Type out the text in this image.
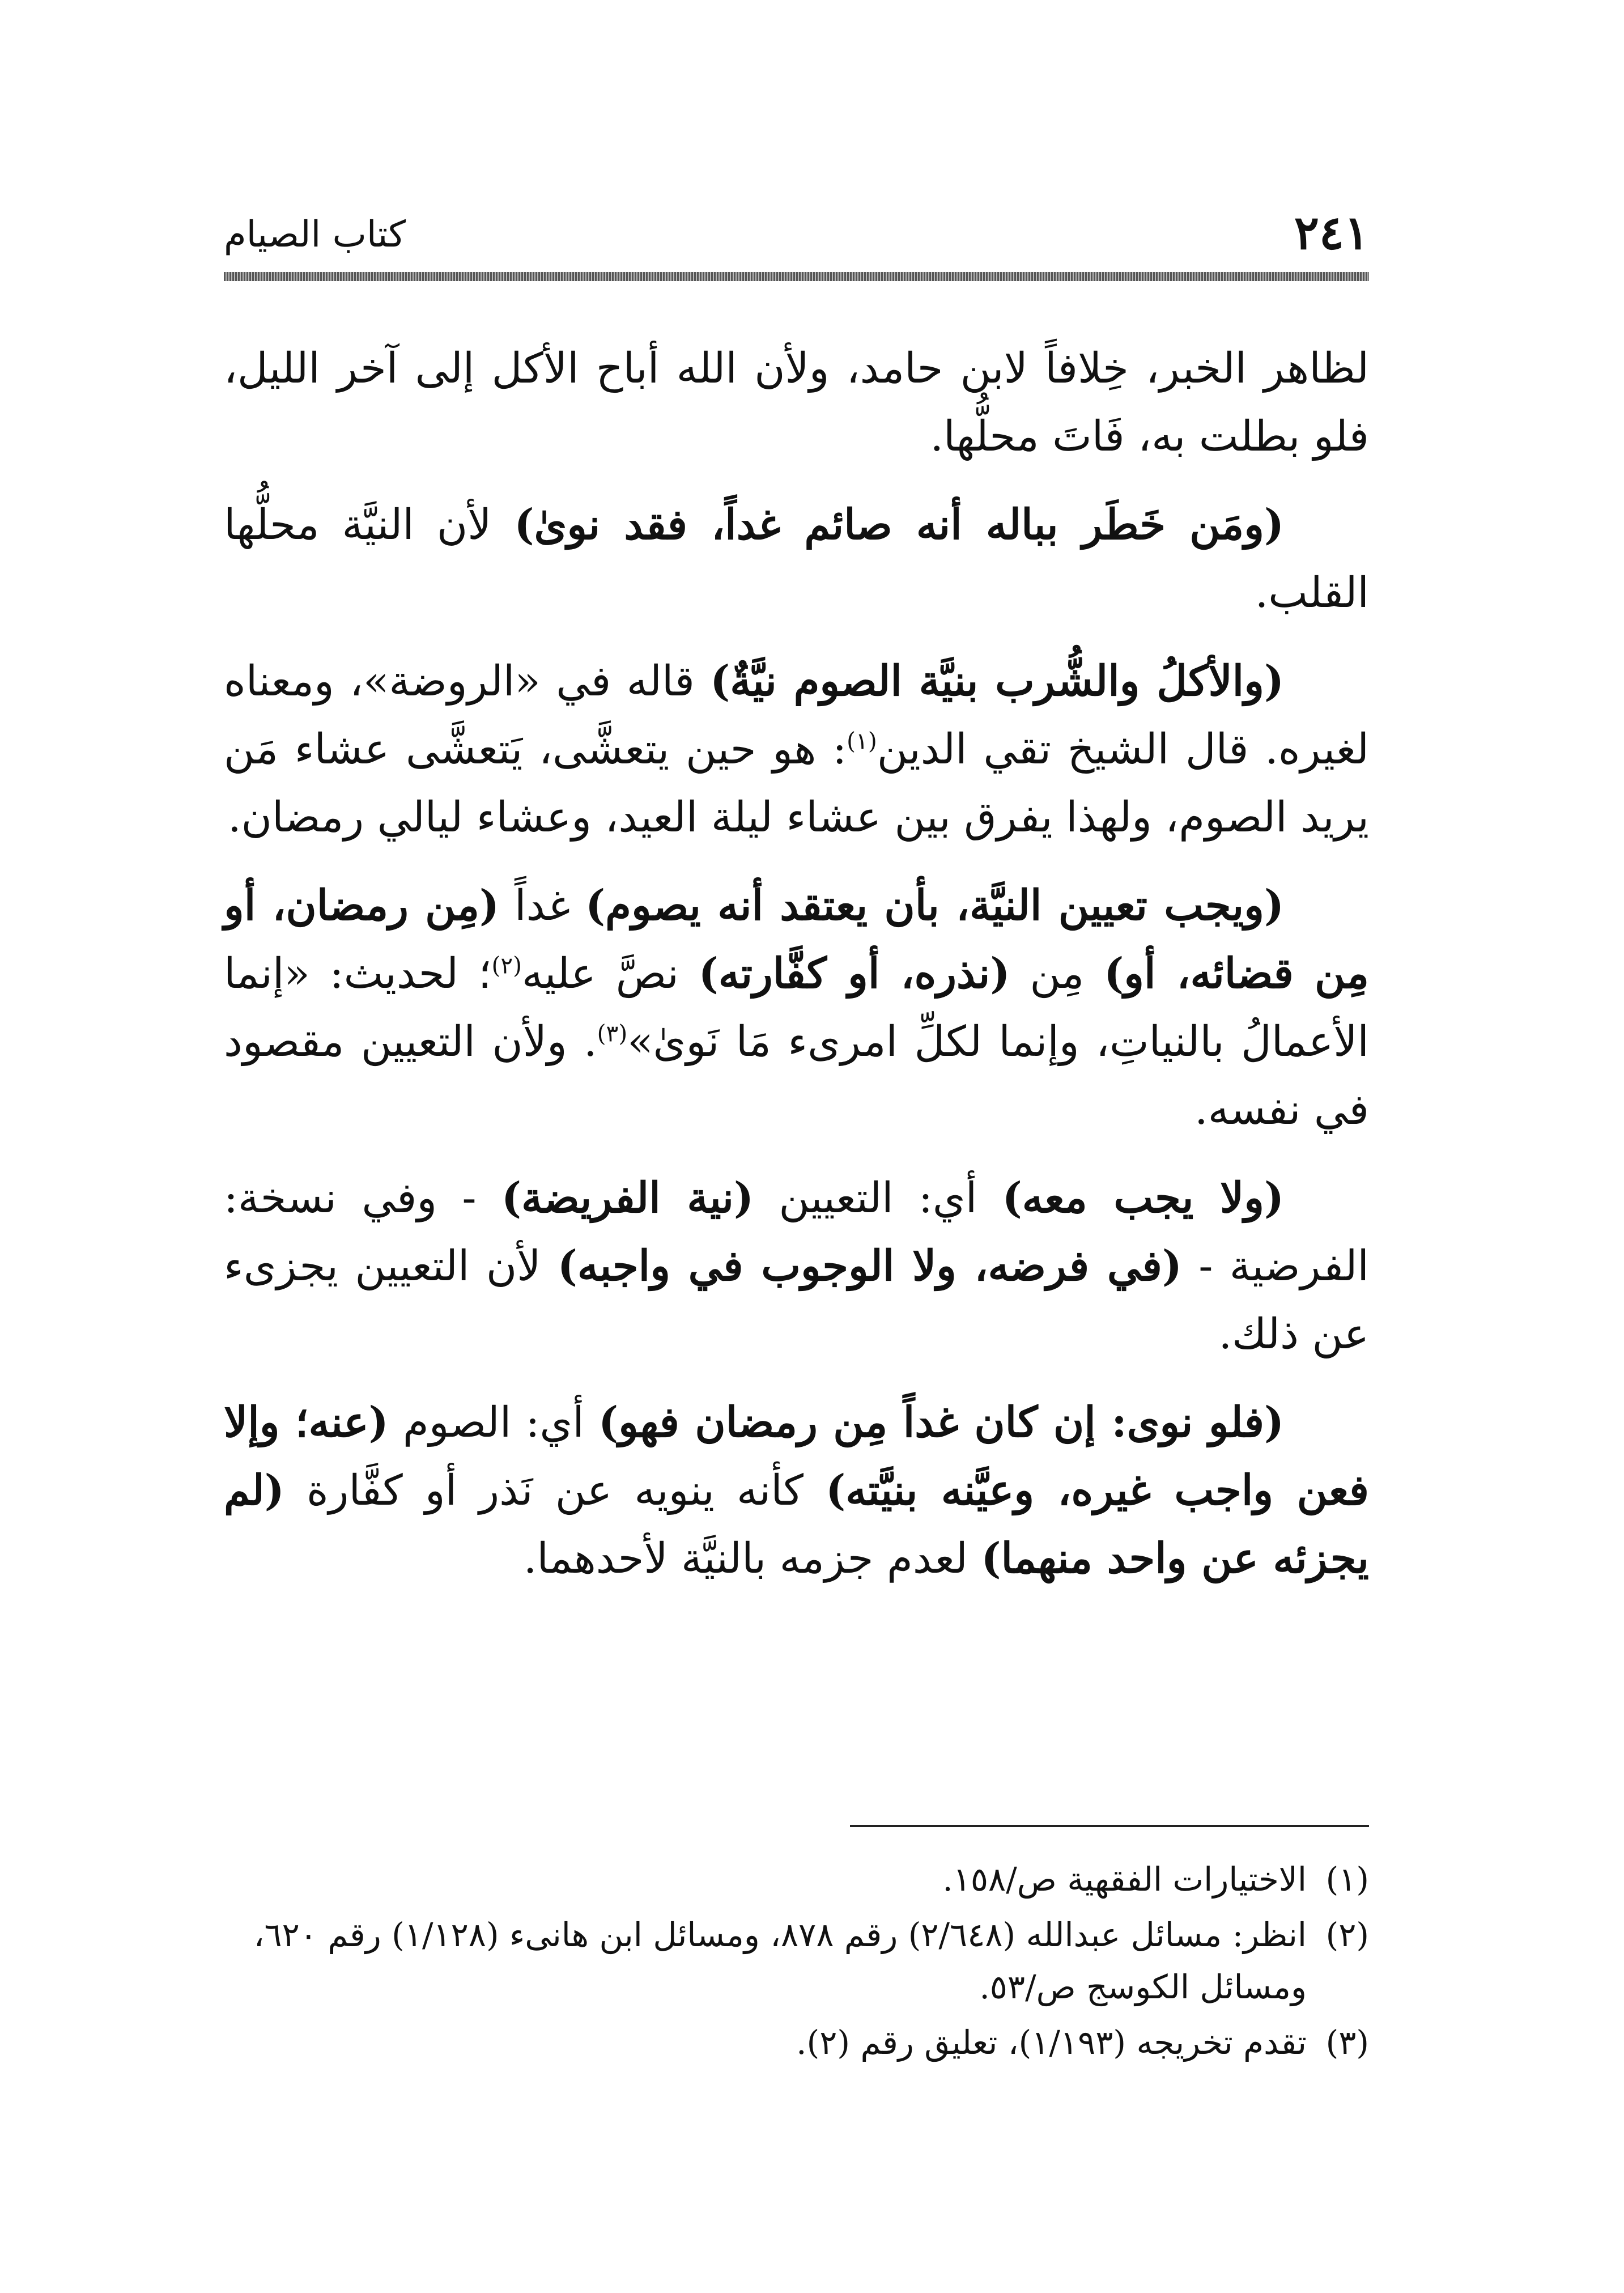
٢٤١
كتاب الصيام

لظاهر الخبر، خِلافاً لابن حامد، ولأن الله أباح الأكل إلى آخر الليل، فلو بطلت به، فَاتَ محلُّها.

(ومَن خَطَر بباله أنه صائم غداً، فقد نوىٰ) لأن النيَّة محلُّها القلب.

(والأكلُ والشُّرب بنيَّة الصوم نيَّةٌ) قاله في «الروضة»، ومعناه لغيره. قال الشيخ تقي الدين$^{(١)}$: هو حين يتعشَّى، يَتعشَّى عشاء مَن يريد الصوم، ولهذا يفرق بين عشاء ليلة العيد، وعشاء ليالي رمضان.

(ويجب تعيين النيَّة، بأن يعتقد أنه يصوم) غداً (مِن رمضان، أو مِن قضائه، أو) مِن (نذره، أو كفَّارته) نصَّ عليه$^{(٢)}$؛ لحديث: «إنما الأعمالُ بالنياتِ، وإنما لكلِّ امرىء مَا نَوىٰ»$^{(٣)}$. ولأن التعيين مقصود في نفسه.

(ولا يجب معه) أي: التعيين (نية الفريضة) - وفي نسخة: الفرضية - (في فرضه، ولا الوجوب في واجبه) لأن التعيين يجزىء عن ذلك.

(فلو نوى: إن كان غداً مِن رمضان فهو) أي: الصوم (عنه؛ وإلا فعن واجب غيره، وعيَّنه بنيَّته) كأنه ينويه عن نَذر أو كفَّارة (لم يجزئه عن واحد منهما) لعدم جزمه بالنيَّة لأحدهما.

(١)الاختيارات الفقهية ص/١٥٨.

(٢)انظر: مسائل عبدالله (٢/٦٤٨) رقم ٨٧٨، ومسائل ابن هانىء (١/١٢٨) رقم ٦٢٠، ومسائل الكوسج ص/٥٣.

(٣)تقدم تخريجه (١/١٩٣)، تعليق رقم (٢).
